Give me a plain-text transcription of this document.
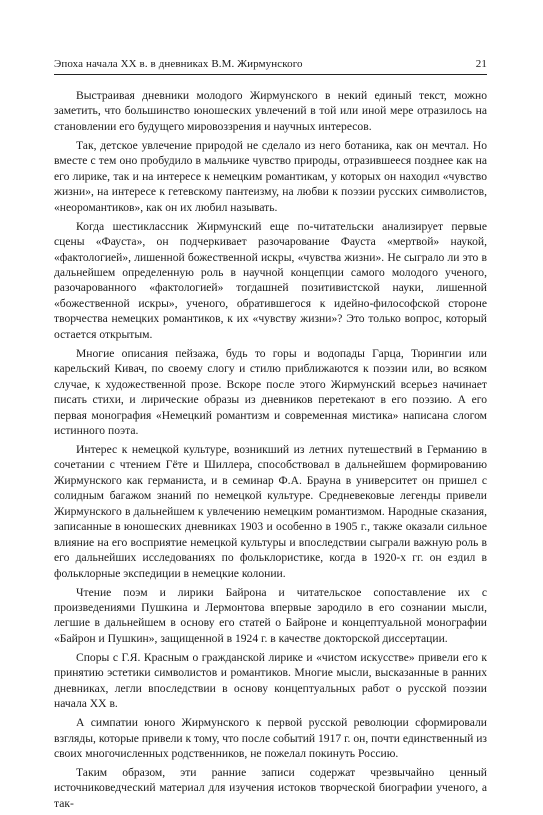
Эпоха начала XX в. в дневниках В.М. Жирмунского	21

Выстраивая дневники молодого Жирмунского в некий единый текст, можно заметить, что большинство юношеских увлечений в той или иной мере отразилось на становлении его будущего мировоззрения и научных интересов.

Так, детское увлечение природой не сделало из него ботаника, как он мечтал. Но вместе с тем оно пробудило в мальчике чувство природы, отразившееся позднее как на его лирике, так и на интересе к немецким романтикам, у которых он находил «чувство жизни», на интересе к гетевскому пантеизму, на любви к поэзии русских символистов, «неоромантиков», как он их любил называть.

Когда шестиклассник Жирмунский еще по-читательски анализирует первые сцены «Фауста», он подчеркивает разочарование Фауста «мертвой» наукой, «фактологией», лишенной божественной искры, «чувства жизни». Не сыграло ли это в дальнейшем определенную роль в научной концепции самого молодого ученого, разочарованного «фактологией» тогдашней позитивистской науки, лишенной «божественной искры», ученого, обратившегося к идейно-философской стороне творчества немецких романтиков, к их «чувству жизни»? Это только вопрос, который остается открытым.

Многие описания пейзажа, будь то горы и водопады Гарца, Тюрингии или карельский Кивач, по своему слогу и стилю приближаются к поэзии или, во всяком случае, к художественной прозе. Вскоре после этого Жирмунский всерьез начинает писать стихи, и лирические образы из дневников перетекают в его поэзию. А его первая монография «Немецкий романтизм и современная мистика» написана слогом истинного поэта.

Интерес к немецкой культуре, возникший из летних путешествий в Германию в сочетании с чтением Гёте и Шиллера, способствовал в дальнейшем формированию Жирмунского как германиста, и в семинар Ф.А. Брауна в университет он пришел с солидным багажом знаний по немецкой культуре. Средневековые легенды привели Жирмунского в дальнейшем к увлечению немецким романтизмом. Народные сказания, записанные в юношеских дневниках 1903 и особенно в 1905 г., также оказали сильное влияние на его восприятие немецкой культуры и впоследствии сыграли важную роль в его дальнейших исследованиях по фольклористике, когда в 1920-х гг. он ездил в фольклорные экспедиции в немецкие колонии.

Чтение поэм и лирики Байрона и читательское сопоставление их с произведениями Пушкина и Лермонтова впервые зародило в его сознании мысли, легшие в дальнейшем в основу его статей о Байроне и концептуальной монографии «Байрон и Пушкин», защищенной в 1924 г. в качестве докторской диссертации.

Споры с Г.Я. Красным о гражданской лирике и «чистом искусстве» привели его к принятию эстетики символистов и романтиков. Многие мысли, высказанные в ранних дневниках, легли впоследствии в основу концептуальных работ о русской поэзии начала XX в.

А симпатии юного Жирмунского к первой русской революции сформировали взгляды, которые привели к тому, что после событий 1917 г. он, почти единственный из своих многочисленных родственников, не пожелал покинуть Россию.

Таким образом, эти ранние записи содержат чрезвычайно ценный источниковедческий материал для изучения истоков творческой биографии ученого, а так-
